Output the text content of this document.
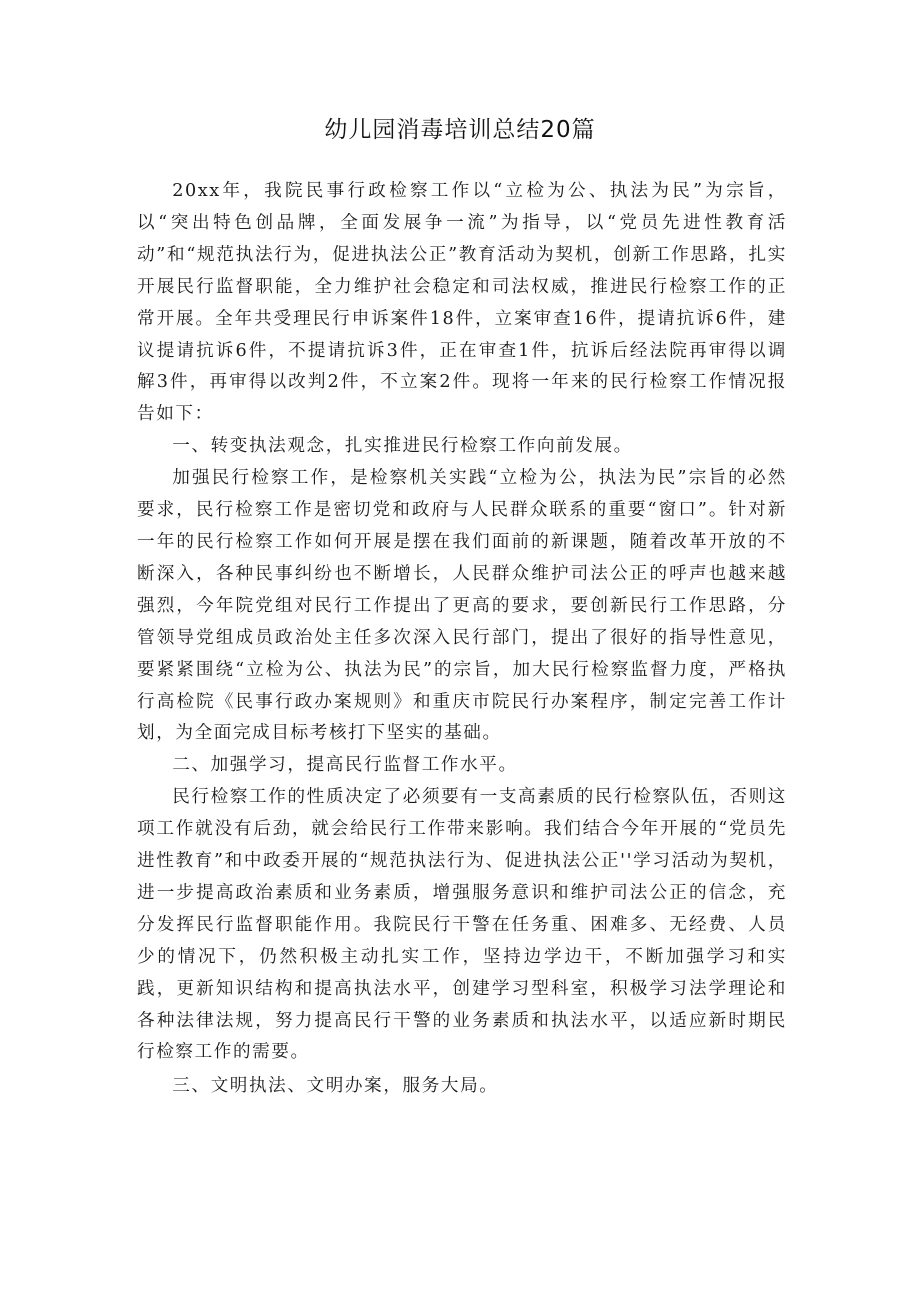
幼儿园消毒培训总结20篇

20xx年，我院民事行政检察工作以“立检为公、执法为民”为宗旨，以“突出特色创品牌，全面发展争一流”为指导，以“党员先进性教育活动”和“规范执法行为，促进执法公正”教育活动为契机，创新工作思路，扎实开展民行监督职能，全力维护社会稳定和司法权威，推进民行检察工作的正常开展。全年共受理民行申诉案件18件，立案审查16件，提请抗诉6件，建议提请抗诉6件，不提请抗诉3件，正在审查1件，抗诉后经法院再审得以调解3件，再审得以改判2件，不立案2件。现将一年来的民行检察工作情况报告如下：

一、转变执法观念，扎实推进民行检察工作向前发展。

加强民行检察工作，是检察机关实践“立检为公，执法为民”宗旨的必然要求，民行检察工作是密切党和政府与人民群众联系的重要“窗口”。针对新一年的民行检察工作如何开展是摆在我们面前的新课题，随着改革开放的不断深入，各种民事纠纷也不断增长，人民群众维护司法公正的呼声也越来越强烈，今年院党组对民行工作提出了更高的要求，要创新民行工作思路，分管领导党组成员政治处主任多次深入民行部门，提出了很好的指导性意见，要紧紧围绕“立检为公、执法为民”的宗旨，加大民行检察监督力度，严格执行高检院《民事行政办案规则》和重庆市院民行办案程序，制定完善工作计划，为全面完成目标考核打下坚实的基础。

二、加强学习，提高民行监督工作水平。

民行检察工作的性质决定了必须要有一支高素质的民行检察队伍，否则这项工作就没有后劲，就会给民行工作带来影响。我们结合今年开展的“党员先进性教育”和中政委开展的“规范执法行为、促进执法公正''学习活动为契机，进一步提高政治素质和业务素质，增强服务意识和维护司法公正的信念，充分发挥民行监督职能作用。我院民行干警在任务重、困难多、无经费、人员少的情况下，仍然积极主动扎实工作，坚持边学边干，不断加强学习和实践，更新知识结构和提高执法水平，创建学习型科室，积极学习法学理论和各种法律法规，努力提高民行干警的业务素质和执法水平，以适应新时期民行检察工作的需要。

三、文明执法、文明办案，服务大局。
